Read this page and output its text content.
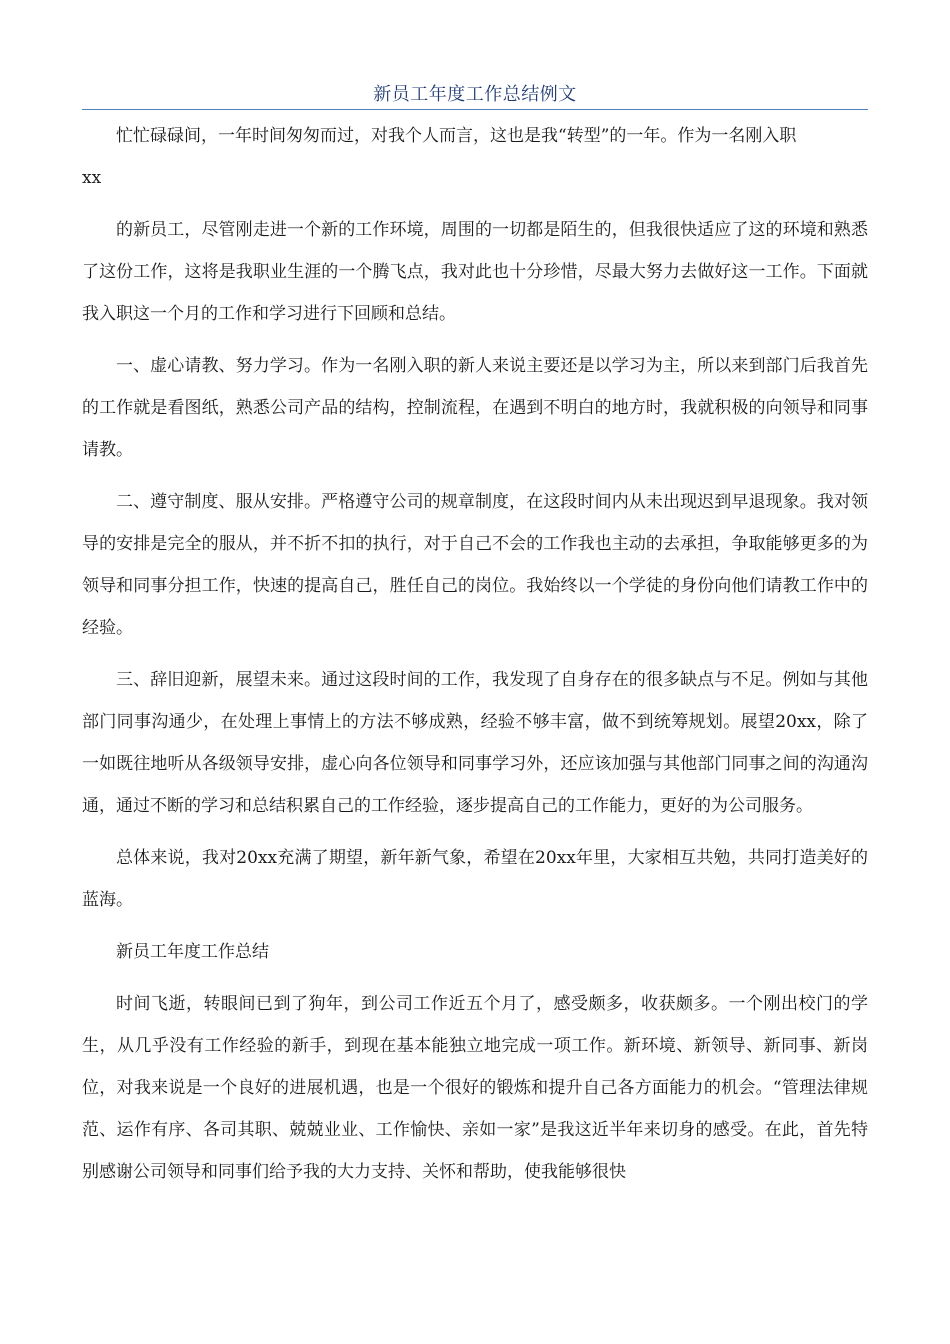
新员工年度工作总结例文

忙忙碌碌间，一年时间匆匆而过，对我个人而言，这也是我“转型”的一年。作为一名刚入职

xx

的新员工，尽管刚走进一个新的工作环境，周围的一切都是陌生的，但我很快适应了这的环境和熟悉了这份工作，这将是我职业生涯的一个腾飞点，我对此也十分珍惜，尽最大努力去做好这一工作。下面就我入职这一个月的工作和学习进行下回顾和总结。

一、虚心请教、努力学习。作为一名刚入职的新人来说主要还是以学习为主，所以来到部门后我首先的工作就是看图纸，熟悉公司产品的结构，控制流程，在遇到不明白的地方时，我就积极的向领导和同事请教。

二、遵守制度、服从安排。严格遵守公司的规章制度，在这段时间内从未出现迟到早退现象。我对领导的安排是完全的服从，并不折不扣的执行，对于自己不会的工作我也主动的去承担，争取能够更多的为领导和同事分担工作，快速的提高自己，胜任自己的岗位。我始终以一个学徒的身份向他们请教工作中的经验。

三、辞旧迎新，展望未来。通过这段时间的工作，我发现了自身存在的很多缺点与不足。例如与其他部门同事沟通少，在处理上事情上的方法不够成熟，经验不够丰富，做不到统筹规划。展望20xx，除了一如既往地听从各级领导安排，虚心向各位领导和同事学习外，还应该加强与其他部门同事之间的沟通沟通，通过不断的学习和总结积累自己的工作经验，逐步提高自己的工作能力，更好的为公司服务。

总体来说，我对20xx充满了期望，新年新气象，希望在20xx年里，大家相互共勉，共同打造美好的蓝海。

新员工年度工作总结

时间飞逝，转眼间已到了狗年，到公司工作近五个月了，感受颇多，收获颇多。一个刚出校门的学生，从几乎没有工作经验的新手，到现在基本能独立地完成一项工作。新环境、新领导、新同事、新岗位，对我来说是一个良好的进展机遇，也是一个很好的锻炼和提升自己各方面能力的机会。“管理法律规范、运作有序、各司其职、兢兢业业、工作愉快、亲如一家”是我这近半年来切身的感受。在此，首先特别感谢公司领导和同事们给予我的大力支持、关怀和帮助，使我能够很快
